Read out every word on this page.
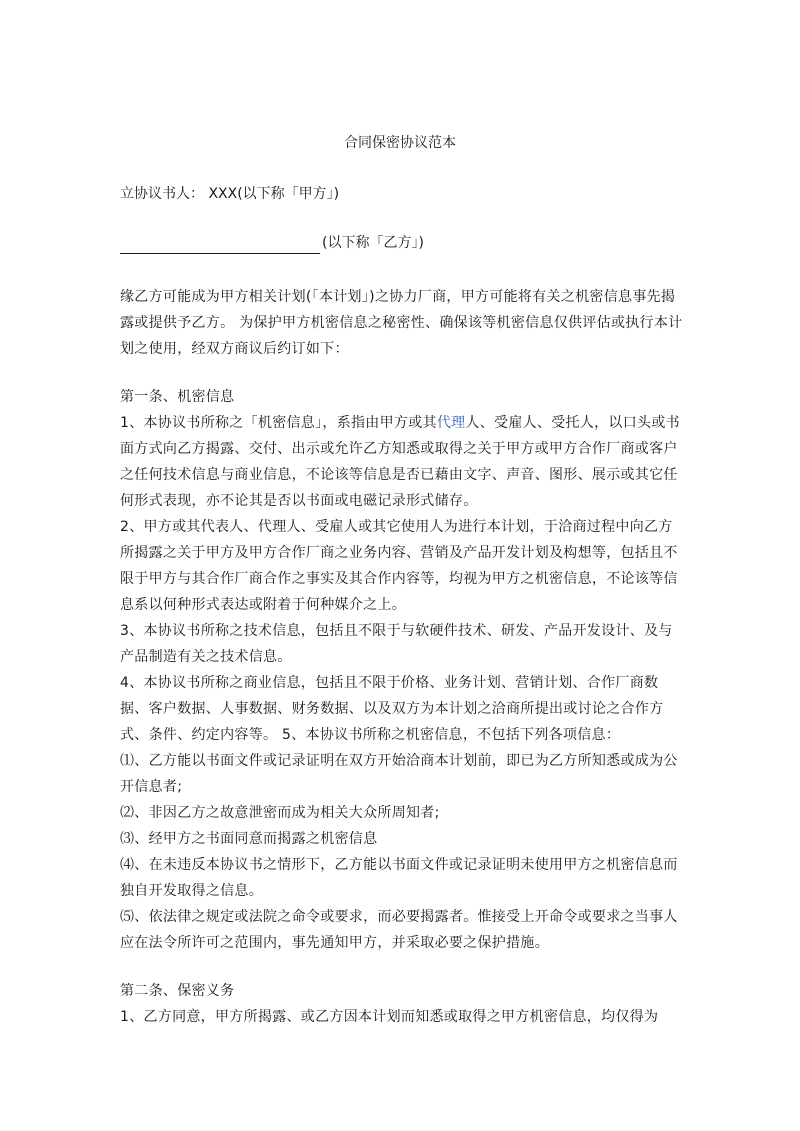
合同保密协议范本
立协议书人： XXX(以下称「甲方」)
(以下称「乙方」)

缘乙方可能成为甲方相关计划(「本计划」)之协力厂商，甲方可能将有关之机密信息事先揭露或提供予乙方。 为保护甲方机密信息之秘密性、确保该等机密信息仅供评估或执行本计划之使用，经双方商议后约订如下：

第一条、机密信息

1、本协议书所称之「机密信息」，系指由甲方或其代理人、受雇人、受托人，以口头或书面方式向乙方揭露、交付、出示或允许乙方知悉或取得之关于甲方或甲方合作厂商或客户之任何技术信息与商业信息，不论该等信息是否已藉由文字、声音、图形、展示或其它任何形式表现，亦不论其是否以书面或电磁记录形式储存。

2、甲方或其代表人、代理人、受雇人或其它使用人为进行本计划，于洽商过程中向乙方所揭露之关于甲方及甲方合作厂商之业务内容、营销及产品开发计划及构想等，包括且不限于甲方与其合作厂商合作之事实及其合作内容等，均视为甲方之机密信息，不论该等信息系以何种形式表达或附着于何种媒介之上。

3、本协议书所称之技术信息，包括且不限于与软硬件技术、研发、产品开发设计、及与产品制造有关之技术信息。

4、本协议书所称之商业信息，包括且不限于价格、业务计划、营销计划、合作厂商数据、客户数据、人事数据、财务数据、以及双方为本计划之洽商所提出或讨论之合作方式、条件、约定内容等。 5、本协议书所称之机密信息，不包括下列各项信息：

⑴、乙方能以书面文件或记录证明在双方开始洽商本计划前，即已为乙方所知悉或成为公开信息者;

⑵、非因乙方之故意泄密而成为相关大众所周知者;

⑶、经甲方之书面同意而揭露之机密信息

⑷、在未违反本协议书之情形下，乙方能以书面文件或记录证明未使用甲方之机密信息而独自开发取得之信息。

⑸、依法律之规定或法院之命令或要求，而必要揭露者。惟接受上开命令或要求之当事人应在法令所许可之范围内，事先通知甲方，并采取必要之保护措施。

第二条、保密义务

1、乙方同意，甲方所揭露、或乙方因本计划而知悉或取得之甲方机密信息，均仅得为
